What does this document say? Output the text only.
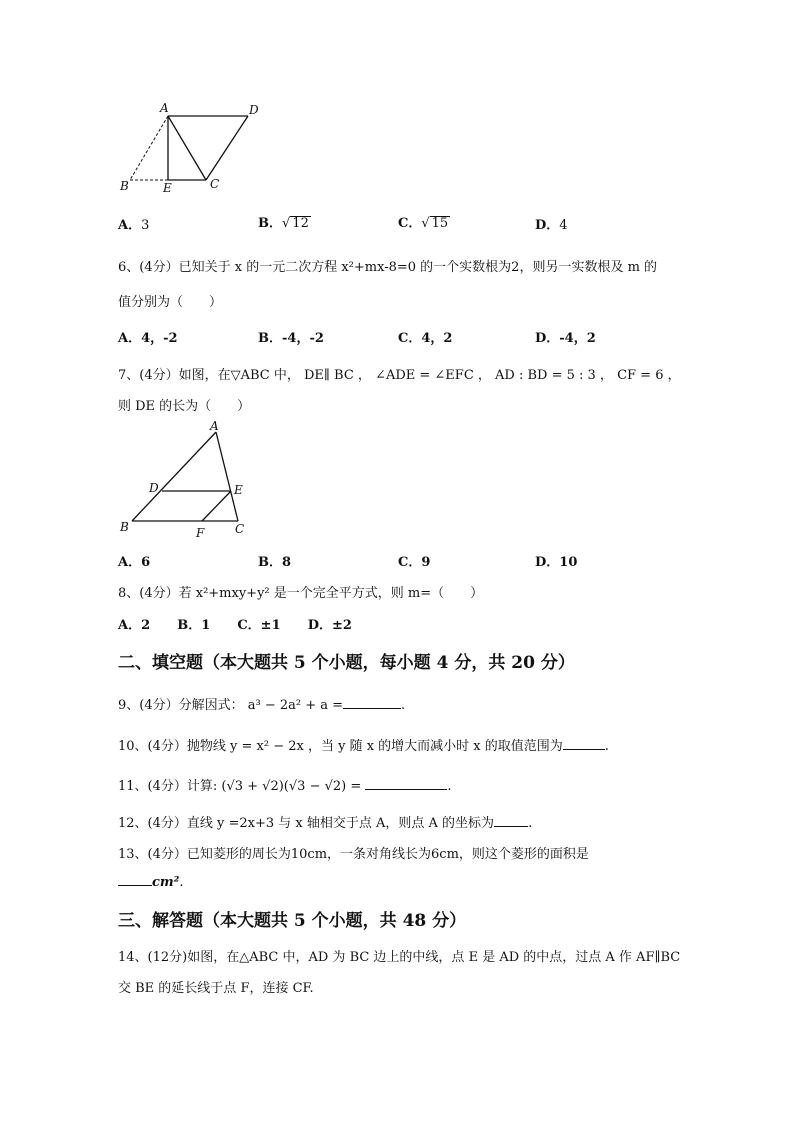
A	D
B	E	C
A．3	B．√ 12	C．√ 15	D．4
6、(4分）已知关于 x 的一元二次方程 x²+mx-8=0 的一个实数根为2，则另一实数根及 m 的
值分别为（　　）
A．4，-2	B．-4，-2	C．4，2	D．-4，2
7、(4分）如图，在▽ABC 中， DE∥ BC ， ∠ADE = ∠EFC ， AD : BD = 5 : 3 ， CF = 6 ，
则 DE 的长为（　　）
A
D	E
B	F	C
A．6	B．8	C．9	D．10
8、(4分）若 x²+mxy+y² 是一个完全平方式，则 m=（　　）
A．2 B．1 C．±1 D．±2
二、填空题（本大题共 5 个小题，每小题 4 分，共 20 分）
9、(4分）分解因式： a³ − 2a² + a =	.
10、(4分）抛物线 y = x² − 2x ，当 y 随 x 的增大而减小时 x 的取值范围为	.
11、(4分）计算: (√3 + √2)(√3 − √2) =	.
12、(4分）直线 y =2x+3 与 x 轴相交于点 A，则点 A 的坐标为	.
13、(4分）已知菱形的周长为10cm，一条对角线长为6cm，则这个菱形的面积是
cm².
三、解答题（本大题共 5 个小题，共 48 分）
14、(12分)如图，在△ABC 中，AD 为 BC 边上的中线，点 E 是 AD 的中点，过点 A 作 AF∥BC
交 BE 的延长线于点 F，连接 CF.
